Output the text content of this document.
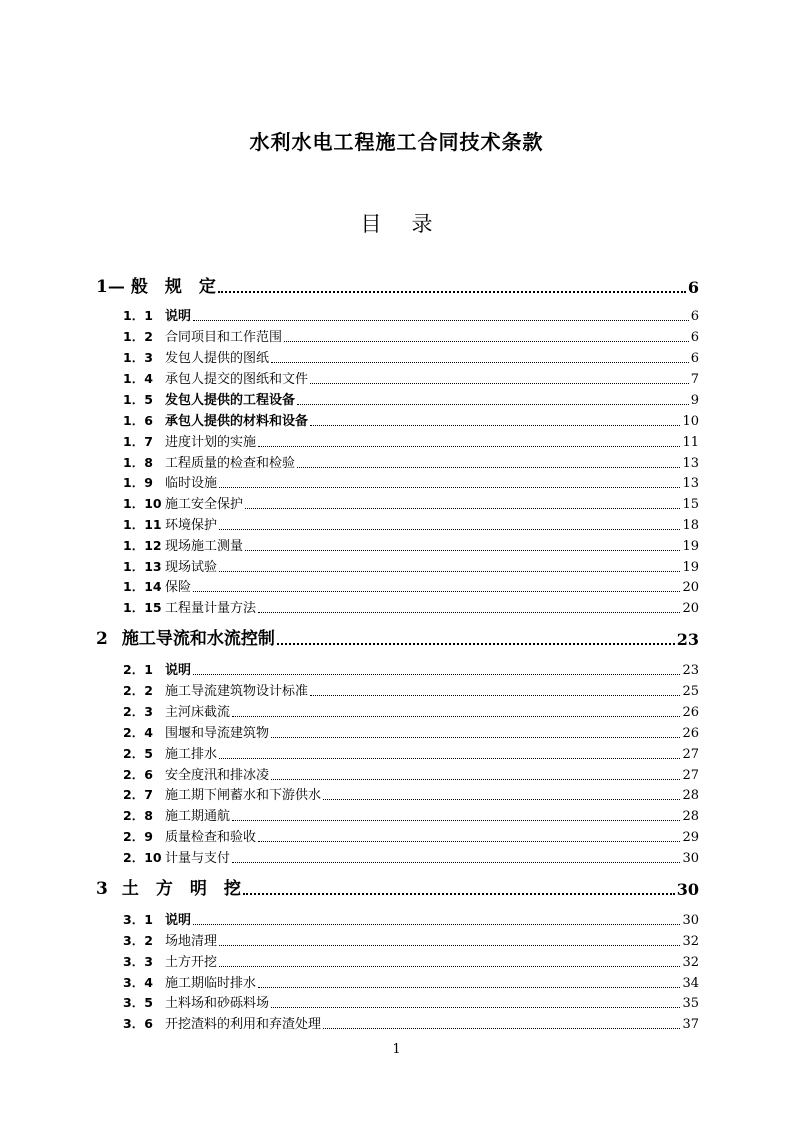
水利水电工程施工合同技术条款
目 录
1— 般　规　定	6
1．1 说明	6
1．2 合同项目和工作范围	6
1．3 发包人提供的图纸	6
1．4 承包人提交的图纸和文件	7
1．5 发包人提供的工程设备	9
1．6 承包人提供的材料和设备	10
1．7 进度计划的实施	11
1．8 工程质量的检查和检验	13
1．9 临时设施	13
1．10 施工安全保护	15
1．11 环境保护	18
1．12 现场施工测量	19
1．13 现场试验	19
1．14 保险	20
1．15 工程量计量方法	20
2 施工导流和水流控制	23
2．1 说明	23
2．2 施工导流建筑物设计标准	25
2．3 主河床截流	26
2．4 围堰和导流建筑物	26
2．5 施工排水	27
2．6 安全度汛和排冰凌	27
2．7 施工期下闸蓄水和下游供水	28
2．8 施工期通航	28
2．9 质量检查和验收	29
2．10 计量与支付	30
3 土　方　明　挖	30
3．1 说明	30
3．2 场地清理	32
3．3 土方开挖	32
3．4 施工期临时排水	34
3．5 土料场和砂砾料场	35
3．6 开挖渣料的利用和弃渣处理	37
1
